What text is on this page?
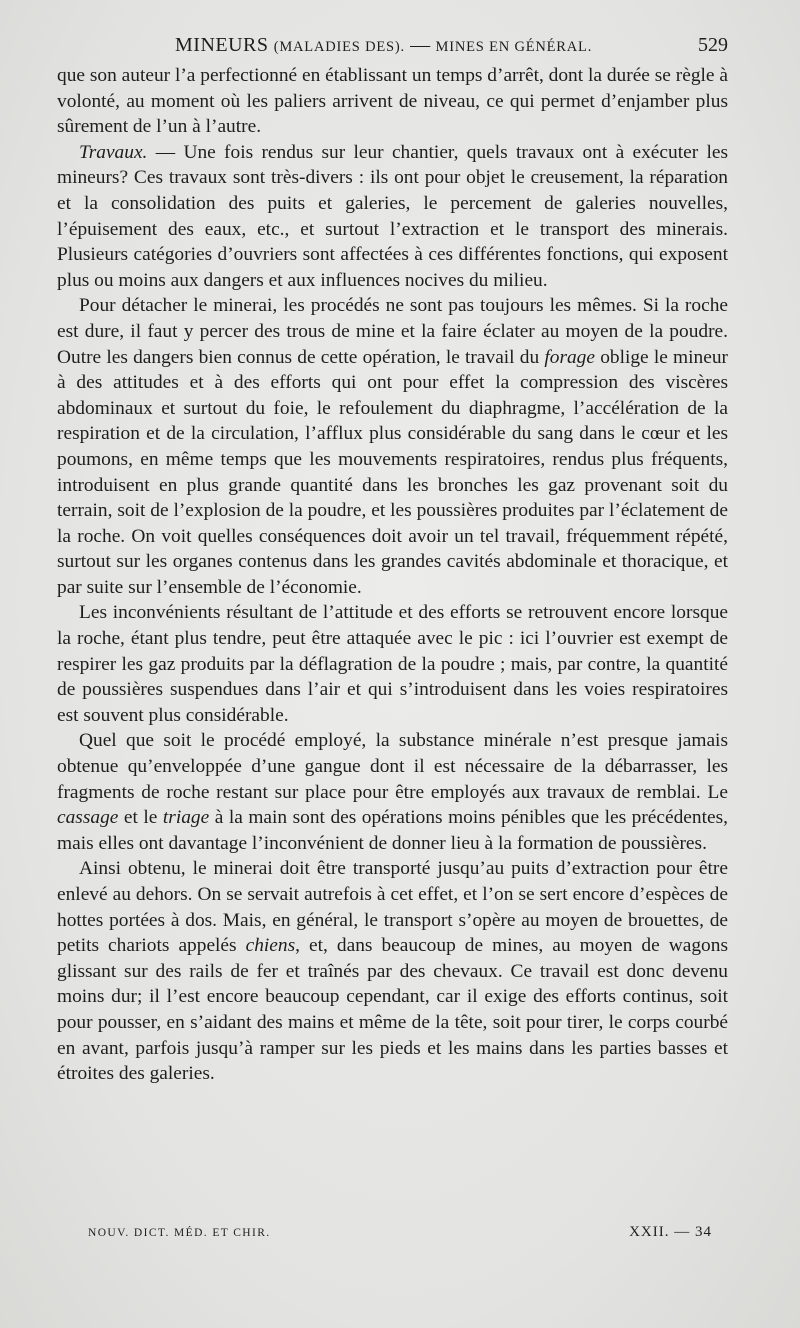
MINEURS (MALADIES DES). — MINES EN GÉNÉRAL.	529

que son auteur l’a perfectionné en établissant un temps d’arrêt, dont la durée se règle à volonté, au moment où les paliers arrivent de niveau, ce qui permet d’enjamber plus sûrement de l’un à l’autre.

Travaux. — Une fois rendus sur leur chantier, quels travaux ont à exécuter les mineurs? Ces travaux sont très-divers : ils ont pour objet le creusement, la réparation et la consolidation des puits et galeries, le percement de galeries nouvelles, l’épuisement des eaux, etc., et surtout l’extraction et le transport des minerais. Plusieurs catégories d’ouvriers sont affectées à ces différentes fonctions, qui exposent plus ou moins aux dangers et aux influences nocives du milieu.

Pour détacher le minerai, les procédés ne sont pas toujours les mêmes. Si la roche est dure, il faut y percer des trous de mine et la faire éclater au moyen de la poudre. Outre les dangers bien connus de cette opération, le travail du forage oblige le mineur à des attitudes et à des efforts qui ont pour effet la compression des viscères abdominaux et surtout du foie, le refoulement du diaphragme, l’accélération de la respiration et de la circulation, l’afflux plus considérable du sang dans le cœur et les poumons, en même temps que les mouvements respiratoires, rendus plus fréquents, introduisent en plus grande quantité dans les bronches les gaz provenant soit du terrain, soit de l’explosion de la poudre, et les poussières produites par l’éclatement de la roche. On voit quelles conséquences doit avoir un tel travail, fréquemment répété, surtout sur les organes contenus dans les grandes cavités abdominale et thoracique, et par suite sur l’ensemble de l’économie.

Les inconvénients résultant de l’attitude et des efforts se retrouvent encore lorsque la roche, étant plus tendre, peut être attaquée avec le pic : ici l’ouvrier est exempt de respirer les gaz produits par la déflagration de la poudre ; mais, par contre, la quantité de poussières suspendues dans l’air et qui s’introduisent dans les voies respiratoires est souvent plus considérable.

Quel que soit le procédé employé, la substance minérale n’est presque jamais obtenue qu’enveloppée d’une gangue dont il est nécessaire de la débarrasser, les fragments de roche restant sur place pour être employés aux travaux de remblai. Le cassage et le triage à la main sont des opérations moins pénibles que les précédentes, mais elles ont davantage l’inconvénient de donner lieu à la formation de poussières.

Ainsi obtenu, le minerai doit être transporté jusqu’au puits d’extraction pour être enlevé au dehors. On se servait autrefois à cet effet, et l’on se sert encore d’espèces de hottes portées à dos. Mais, en général, le transport s’opère au moyen de brouettes, de petits chariots appelés chiens, et, dans beaucoup de mines, au moyen de wagons glissant sur des rails de fer et traînés par des chevaux. Ce travail est donc devenu moins dur; il l’est encore beaucoup cependant, car il exige des efforts continus, soit pour pousser, en s’aidant des mains et même de la tête, soit pour tirer, le corps courbé en avant, parfois jusqu’à ramper sur les pieds et les mains dans les parties basses et étroites des galeries.

NOUV. DICT. MÉD. ET CHIR.	XXII. — 34
